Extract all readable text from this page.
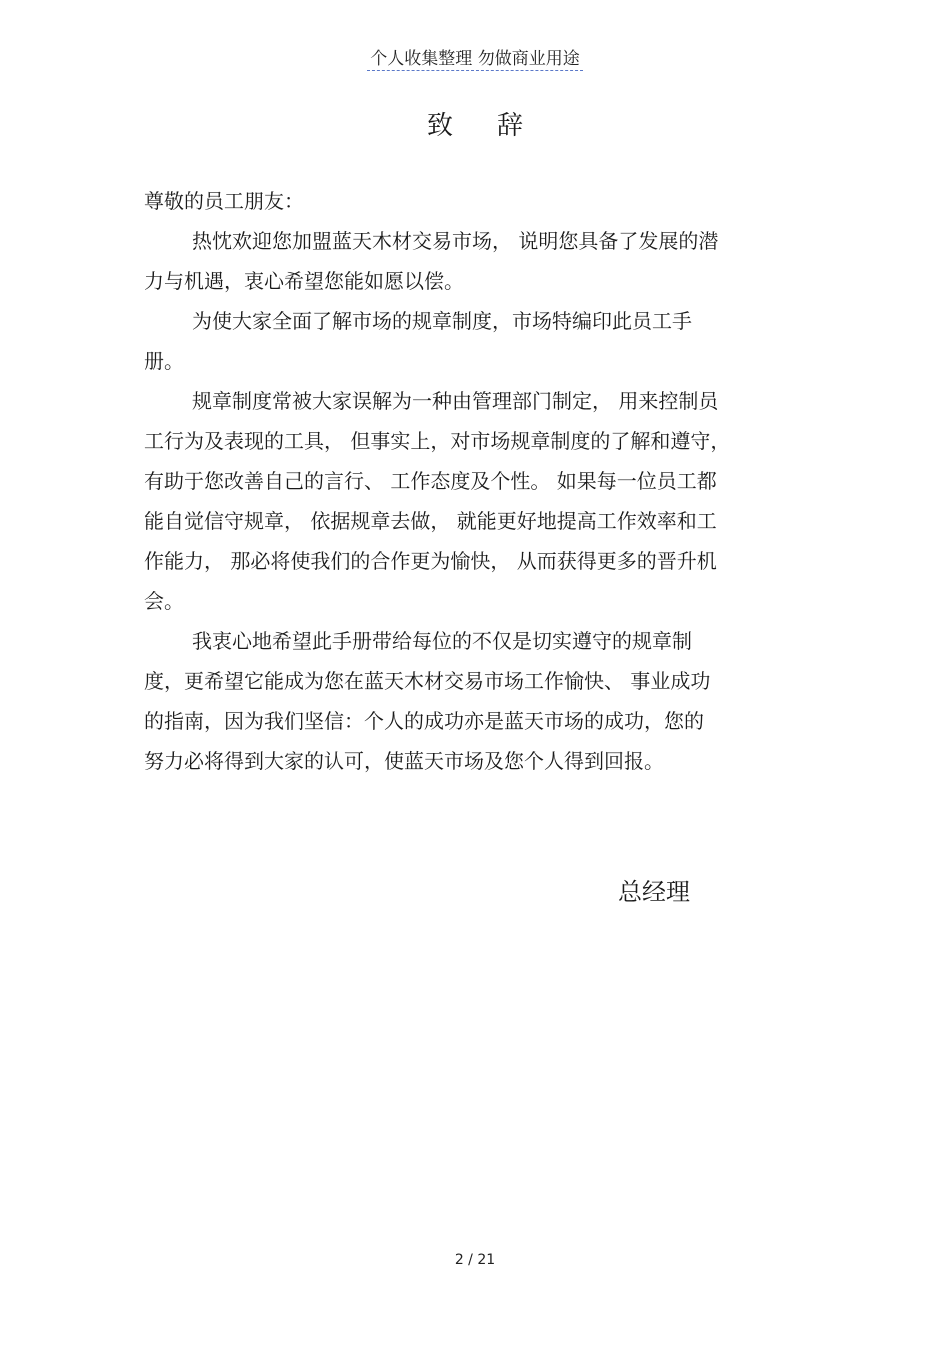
个人收集整理 勿做商业用途
致辞
尊敬的员工朋友：
热忱欢迎您加盟蓝天木材交易市场， 说明您具备了发展的潜
力与机遇，衷心希望您能如愿以偿。
为使大家全面了解市场的规章制度，市场特编印此员工手
册。
规章制度常被大家误解为一种由管理部门制定， 用来控制员
工行为及表现的工具， 但事实上，对市场规章制度的了解和遵守，
有助于您改善自己的言行、 工作态度及个性。 如果每一位员工都
能自觉信守规章， 依据规章去做， 就能更好地提高工作效率和工
作能力， 那必将使我们的合作更为愉快， 从而获得更多的晋升机
会。
我衷心地希望此手册带给每位的不仅是切实遵守的规章制
度，更希望它能成为您在蓝天木材交易市场工作愉快、 事业成功
的指南，因为我们坚信：个人的成功亦是蓝天市场的成功，您的
努力必将得到大家的认可，使蓝天市场及您个人得到回报。
总经理
2 / 21
